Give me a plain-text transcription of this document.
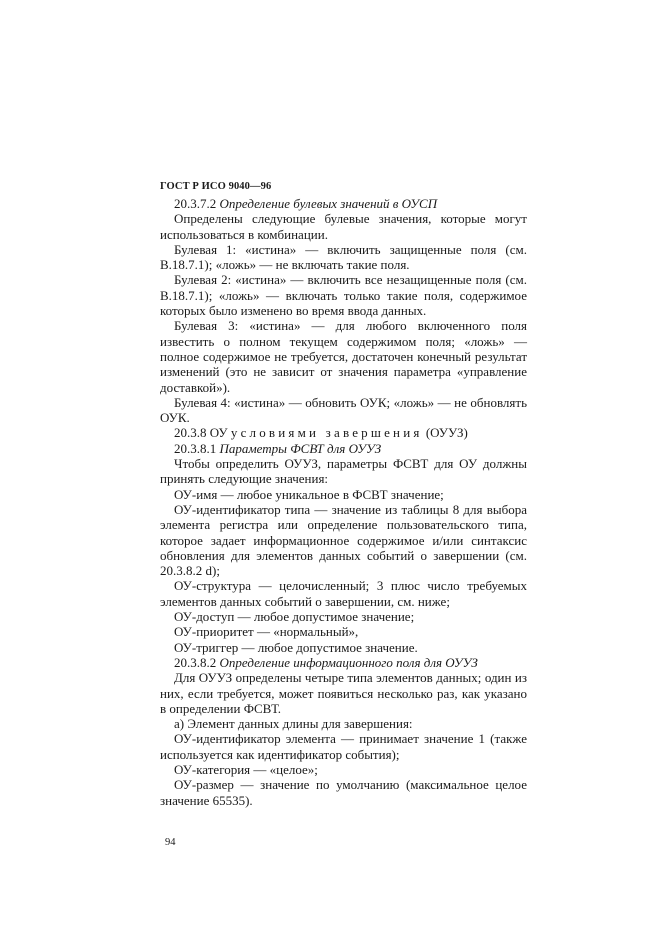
ГОСТ Р ИСО 9040—96

20.3.7.2 Определение булевых значений в ОУСП

Определены следующие булевые значения, которые могут использоваться в комбинации.

Булевая 1: «истина» — включить защищенные поля (см. B.18.7.1); «ложь» — не включать такие поля.

Булевая 2: «истина» — включить все незащищенные поля (см. B.18.7.1); «ложь» — включать только такие поля, содержимое которых было изменено во время ввода данных.

Булевая 3: «истина» — для любого включенного поля известить о полном текущем содержимом поля; «ложь» — полное содержимое не требуется, достаточен конечный результат изменений (это не зависит от значения параметра «управление доставкой»).

Булевая 4: «истина» — обновить ОУК; «ложь» — не обновлять ОУК.

20.3.8 ОУ условиями завершения (ОУУЗ)

20.3.8.1 Параметры ФСВТ для ОУУЗ

Чтобы определить ОУУЗ, параметры ФСВТ для ОУ должны принять следующие значения:

ОУ-имя — любое уникальное в ФСВТ значение;

ОУ-идентификатор типа — значение из таблицы 8 для выбора элемента регистра или определение пользовательского типа, которое задает информационное содержимое и/или синтаксис обновления для элементов данных событий о завершении (см. 20.3.8.2 d);

ОУ-структура — целочисленный; 3 плюс число требуемых элементов данных событий о завершении, см. ниже;

ОУ-доступ — любое допустимое значение;

ОУ-приоритет — «нормальный»,

ОУ-триггер — любое допустимое значение.

20.3.8.2 Определение информационного поля для ОУУЗ

Для ОУУЗ определены четыре типа элементов данных; один из них, если требуется, может появиться несколько раз, как указано в определении ФСВТ.

а) Элемент данных длины для завершения:

ОУ-идентификатор элемента — принимает значение 1 (также используется как идентификатор события);

ОУ-категория — «целое»;

ОУ-размер — значение по умолчанию (максимальное целое значение 65535).

94
